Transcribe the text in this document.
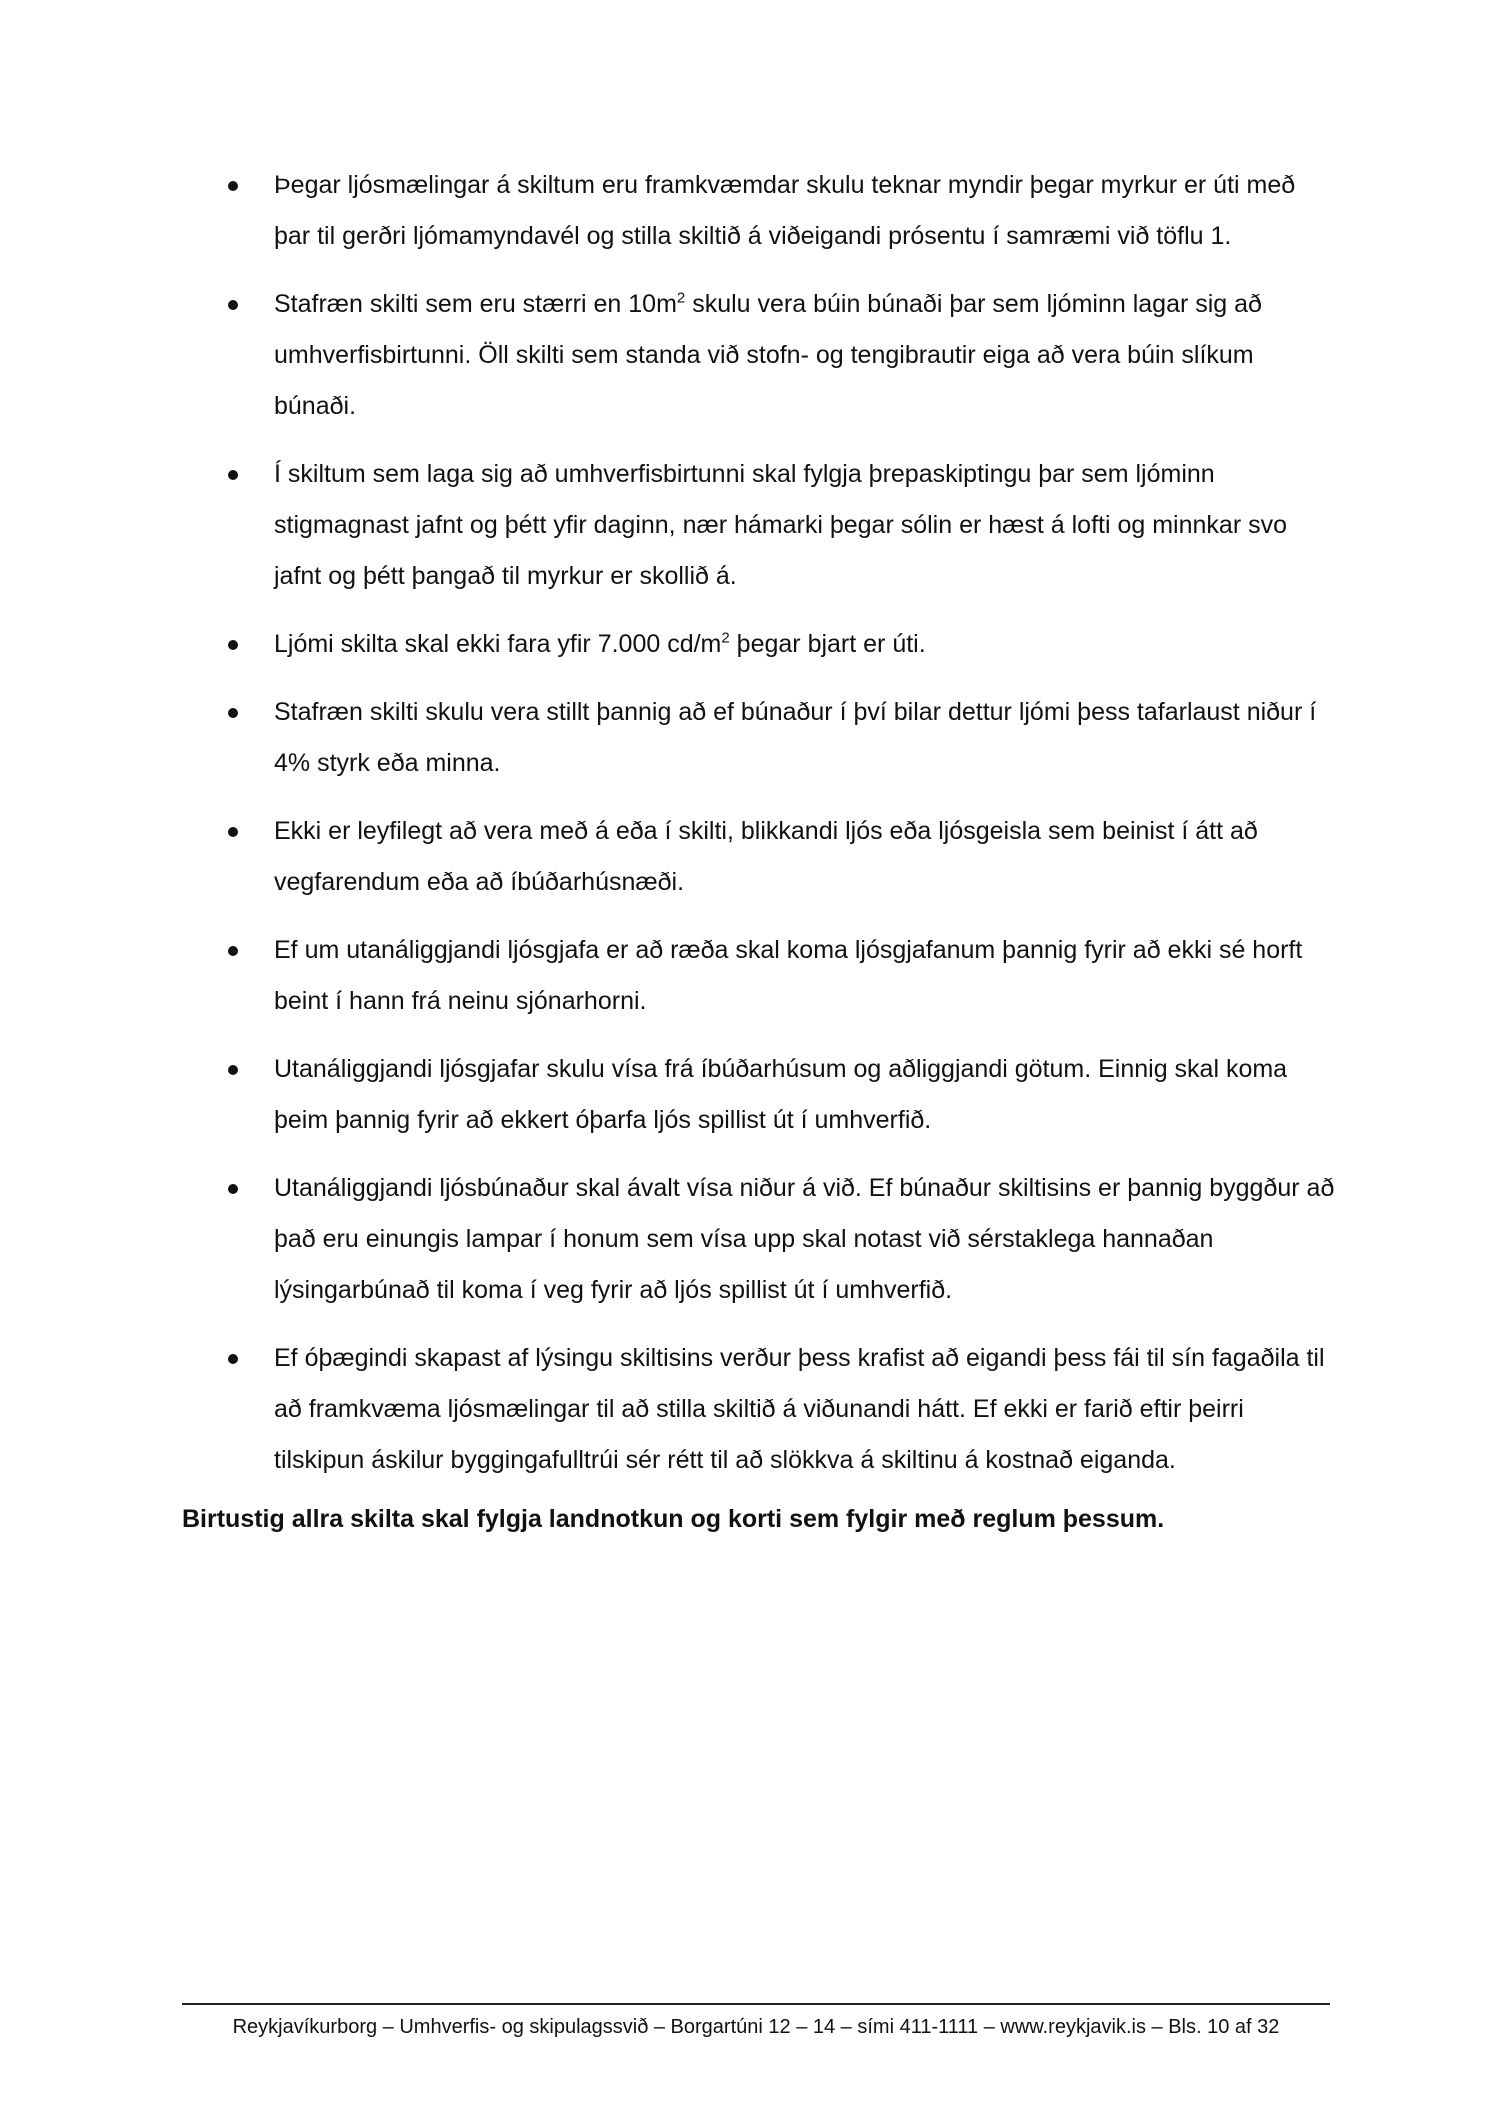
Þegar ljósmælingar á skiltum eru framkvæmdar skulu teknar myndir þegar myrkur er úti með þar til gerðri ljómamyndavél og stilla skiltið á viðeigandi prósentu í samræmi við töflu 1.
Stafræn skilti sem eru stærri en $10m^2$ skulu vera búin búnaði þar sem ljóminn lagar sig að umhverfisbirtunni. Öll skilti sem standa við stofn- og tengibrautir eiga að vera búin slíkum búnaði.
Í skiltum sem laga sig að umhverfisbirtunni skal fylgja þrepaskiptingu þar sem ljóminn stigmagnast jafnt og þétt yfir daginn, nær hámarki þegar sólin er hæst á lofti og minnkar svo jafnt og þétt þangað til myrkur er skollið á.
Ljómi skilta skal ekki fara yfir 7.000 $cd/m^2$ þegar bjart er úti.
Stafræn skilti skulu vera stillt þannig að ef búnaður í því bilar dettur ljómi þess tafarlaust niður í 4% styrk eða minna.
Ekki er leyfilegt að vera með á eða í skilti, blikkandi ljós eða ljósgeisla sem beinist í átt að vegfarendum eða að íbúðarhúsnæði.
Ef um utanáliggjandi ljósgjafa er að ræða skal koma ljósgjafanum þannig fyrir að ekki sé horft beint í hann frá neinu sjónarhorni.
Utanáliggjandi ljósgjafar skulu vísa frá íbúðarhúsum og aðliggjandi götum. Einnig skal koma þeim þannig fyrir að ekkert óþarfa ljós spillist út í umhverfið.
Utanáliggjandi ljósbúnaður skal ávalt vísa niður á við. Ef búnaður skiltisins er þannig byggður að það eru einungis lampar í honum sem vísa upp skal notast við sérstaklega hannaðan lýsingarbúnað til koma í veg fyrir að ljós spillist út í umhverfið.
Ef óþægindi skapast af lýsingu skiltisins verður þess krafist að eigandi þess fái til sín fagaðila til að framkvæma ljósmælingar til að stilla skiltið á viðunandi hátt. Ef ekki er farið eftir þeirri tilskipun áskilur byggingafulltrúi sér rétt til að slökkva á skiltinu á kostnað eiganda.

Birtustig allra skilta skal fylgja landnotkun og korti sem fylgir með reglum þessum.

Reykjavíkurborg – Umhverfis- og skipulagssvið – Borgartúni 12 – 14 – sími 411-1111 – www.reykjavik.is – Bls. 10 af 32
